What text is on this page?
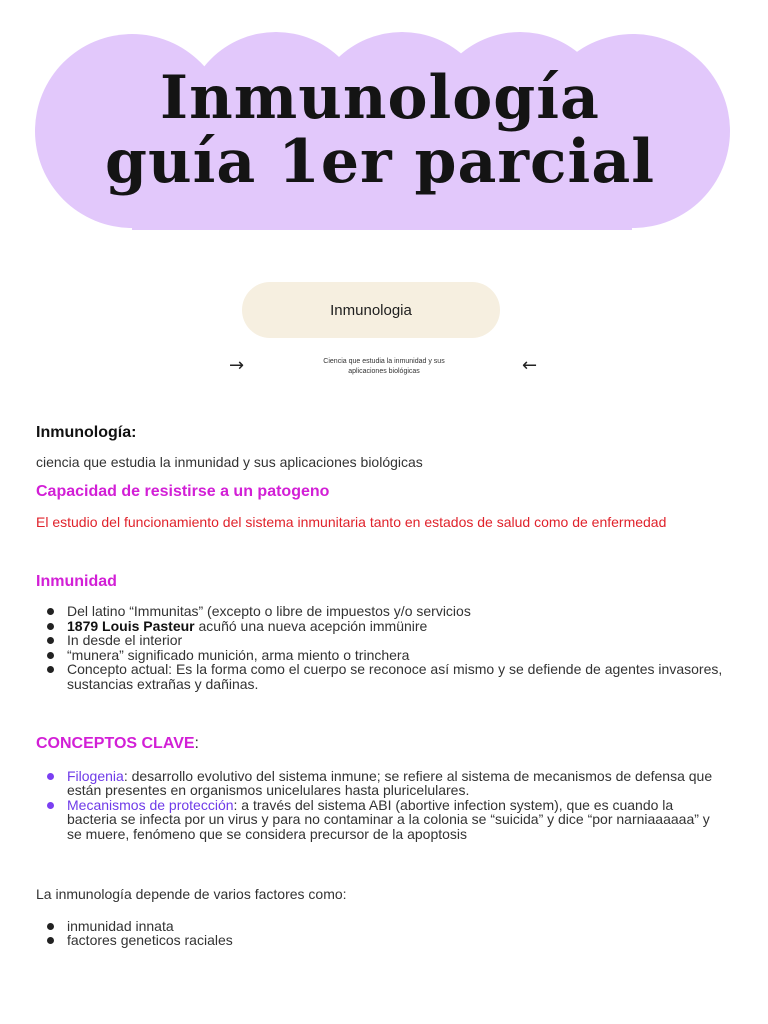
Inmunología
guía 1er parcial
Inmunologia
→	Ciencia que estudia la inmunidad y sus aplicaciones biológicas	←
Inmunología:

ciencia que estudia la inmunidad y sus aplicaciones biológicas

Capacidad de resistirse a un patogeno

El estudio del funcionamiento del sistema inmunitaria tanto en estados de salud como de enfermedad

Inmunidad
Del latino “Immunitas” (excepto o libre de impuestos y/o servicios
1879 Louis Pasteur acuñó una nueva acepción immünire
In desde el interior
“munera” significado munición, arma miento o trinchera
Concepto actual: Es la forma como el cuerpo se reconoce así mismo y se defiende de agentes invasores, sustancias extrañas y dañinas.
CONCEPTOS CLAVE:
Filogenia: desarrollo evolutivo del sistema inmune; se refiere al sistema de mecanismos de defensa que están presentes en organismos unicelulares hasta pluricelulares.
Mecanismos de protección: a través del sistema ABI (abortive infection system), que es cuando la bacteria se infecta por un virus y para no contaminar a la colonia se “suicida” y dice “por narniaaaaaa” y se muere, fenómeno que se considera precursor de la apoptosis

La inmunología depende de varios factores como:

inmunidad innata
factores geneticos raciales
